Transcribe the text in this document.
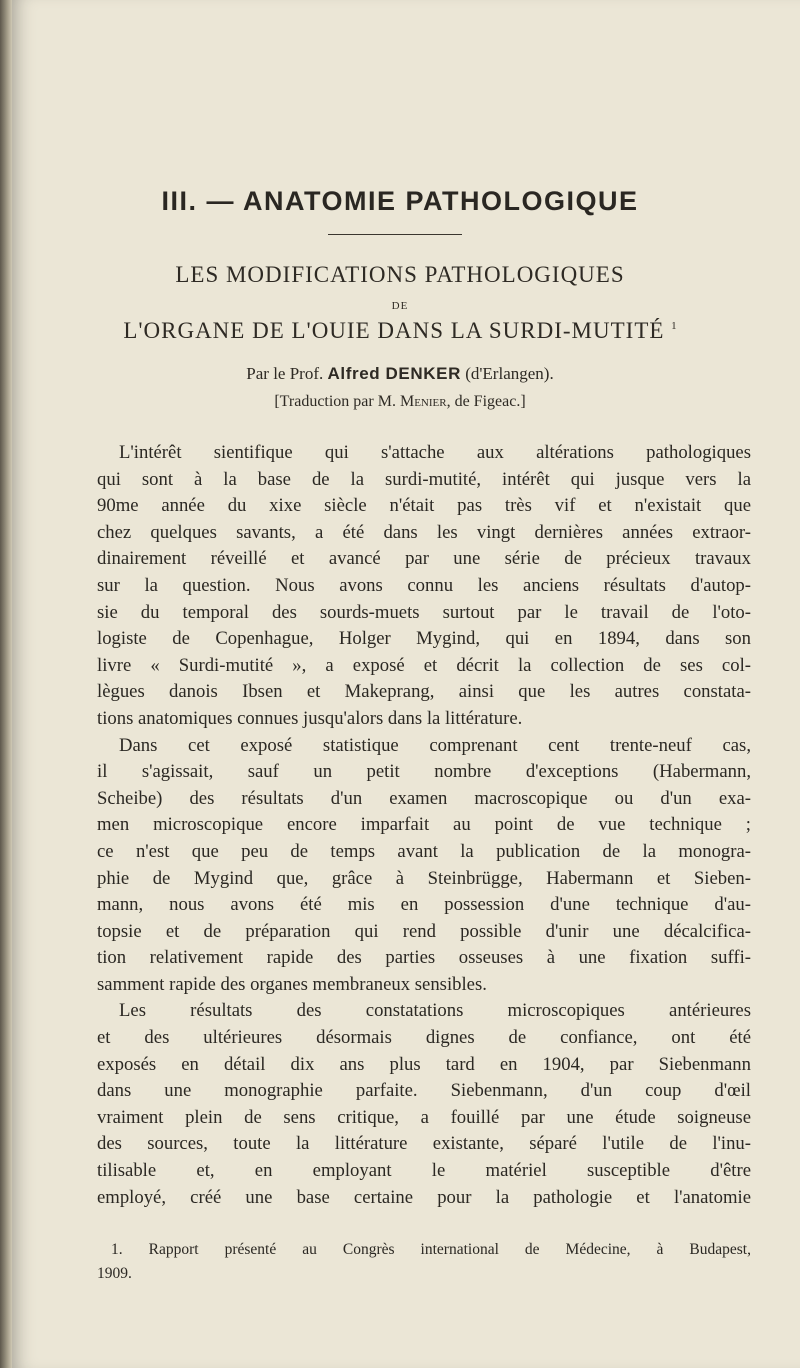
III. — ANATOMIE PATHOLOGIQUE
LES MODIFICATIONS PATHOLOGIQUES
DE
L'ORGANE DE L'OUIE DANS LA SURDI-MUTITÉ $^1$
Par le Prof. Alfred DENKER (d'Erlangen).
[Traduction par M. Menier, de Figeac.]
L'intérêt sientifique qui s'attache aux altérations pathologiques
qui sont à la base de la surdi-mutité, intérêt qui jusque vers la
90me année du xixe siècle n'était pas très vif et n'existait que
chez quelques savants, a été dans les vingt dernières années extraor-
dinairement réveillé et avancé par une série de précieux travaux
sur la question. Nous avons connu les anciens résultats d'autop-
sie du temporal des sourds-muets surtout par le travail de l'oto-
logiste de Copenhague, Holger Mygind, qui en 1894, dans son
livre « Surdi-mutité », a exposé et décrit la collection de ses col-
lègues danois Ibsen et Makeprang, ainsi que les autres constata-
tions anatomiques connues jusqu'alors dans la littérature.
Dans cet exposé statistique comprenant cent trente-neuf cas,
il s'agissait, sauf un petit nombre d'exceptions (Habermann,
Scheibe) des résultats d'un examen macroscopique ou d'un exa-
men microscopique encore imparfait au point de vue technique ;
ce n'est que peu de temps avant la publication de la monogra-
phie de Mygind que, grâce à Steinbrügge, Habermann et Sieben-
mann, nous avons été mis en possession d'une technique d'au-
topsie et de préparation qui rend possible d'unir une décalcifica-
tion relativement rapide des parties osseuses à une fixation suffi-
samment rapide des organes membraneux sensibles.
Les résultats des constatations microscopiques antérieures
et des ultérieures désormais dignes de confiance, ont été
exposés en détail dix ans plus tard en 1904, par Siebenmann
dans une monographie parfaite. Siebenmann, d'un coup d'œil
vraiment plein de sens critique, a fouillé par une étude soigneuse
des sources, toute la littérature existante, séparé l'utile de l'inu-
tilisable et, en employant le matériel susceptible d'être
employé, créé une base certaine pour la pathologie et l'anatomie
1. Rapport présenté au Congrès international de Médecine, à Budapest,
1909.
